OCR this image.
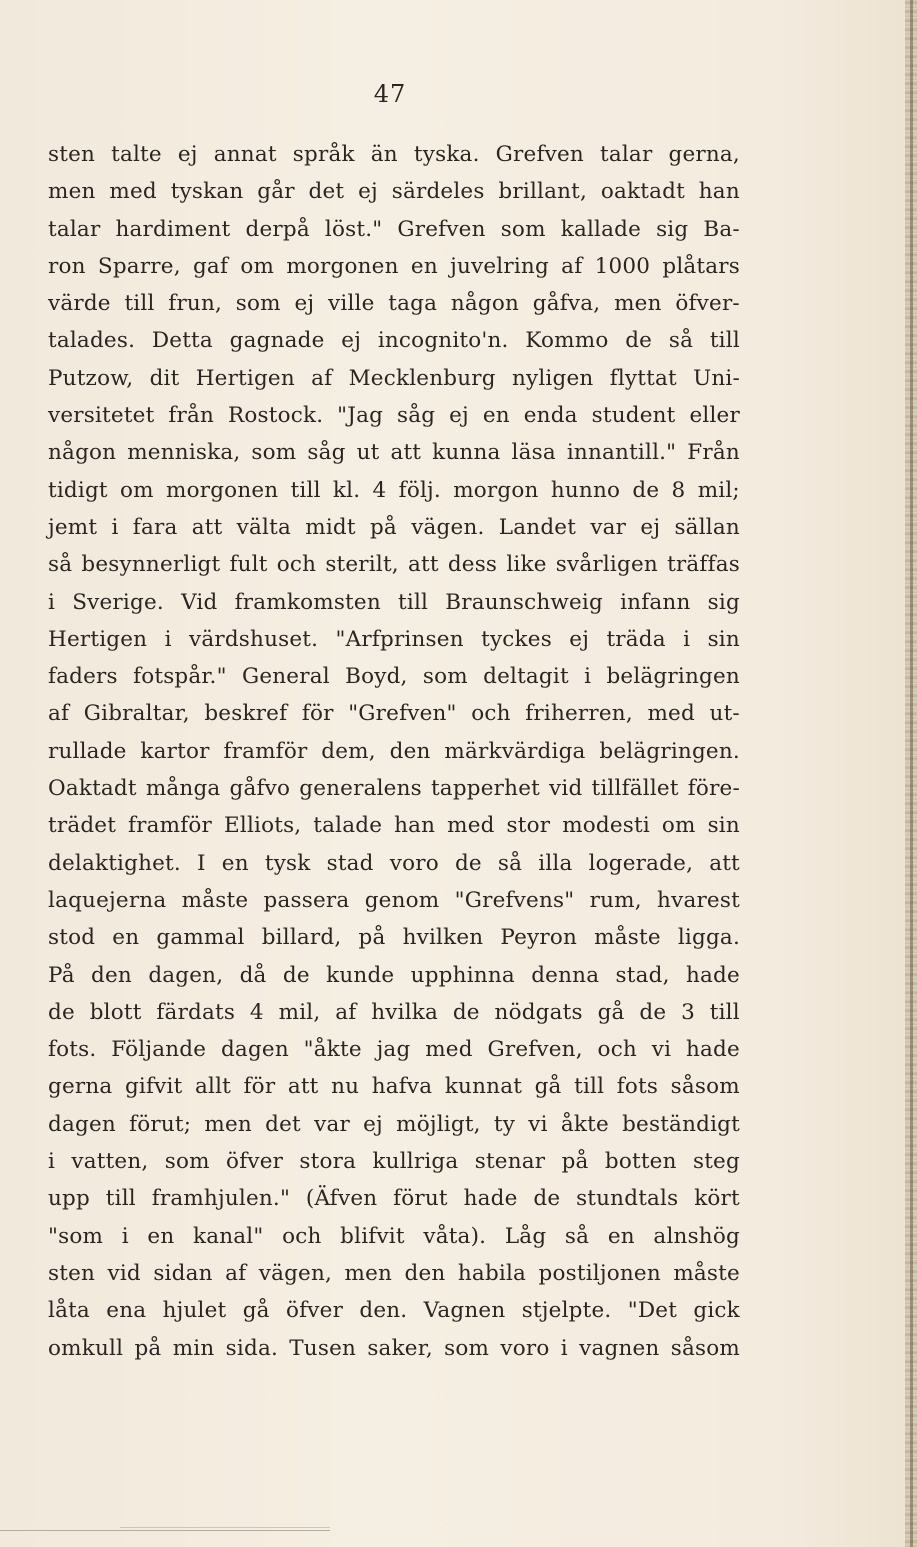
47
sten talte ej annat språk än tyska. Grefven talar gerna,
men med tyskan går det ej särdeles brillant, oaktadt han
talar hardiment derpå löst." Grefven som kallade sig Ba-
ron Sparre, gaf om morgonen en juvelring af 1000 plåtars
värde till frun, som ej ville taga någon gåfva, men öfver-
talades. Detta gagnade ej incognito'n. Kommo de så till
Putzow, dit Hertigen af Mecklenburg nyligen flyttat Uni-
versitetet från Rostock. "Jag såg ej en enda student eller
någon menniska, som såg ut att kunna läsa innantill." Från
tidigt om morgonen till kl. 4 följ. morgon hunno de 8 mil;
jemt i fara att välta midt på vägen. Landet var ej sällan
så besynnerligt fult och sterilt, att dess like svårligen träffas
i Sverige. Vid framkomsten till Braunschweig infann sig
Hertigen i värdshuset. "Arfprinsen tyckes ej träda i sin
faders fotspår." General Boyd, som deltagit i belägringen
af Gibraltar, beskref för "Grefven" och friherren, med ut-
rullade kartor framför dem, den märkvärdiga belägringen.
Oaktadt många gåfvo generalens tapperhet vid tillfället före-
trädet framför Elliots, talade han med stor modesti om sin
delaktighet. I en tysk stad voro de så illa logerade, att
laquejerna måste passera genom "Grefvens" rum, hvarest
stod en gammal billard, på hvilken Peyron måste ligga.
På den dagen, då de kunde upphinna denna stad, hade
de blott färdats 4 mil, af hvilka de nödgats gå de 3 till
fots. Följande dagen "åkte jag med Grefven, och vi hade
gerna gifvit allt för att nu hafva kunnat gå till fots såsom
dagen förut; men det var ej möjligt, ty vi åkte beständigt
i vatten, som öfver stora kullriga stenar på botten steg
upp till framhjulen." (Äfven förut hade de stundtals kört
"som i en kanal" och blifvit våta). Låg så en alnshög
sten vid sidan af vägen, men den habila postiljonen måste
låta ena hjulet gå öfver den. Vagnen stjelpte. "Det gick
omkull på min sida. Tusen saker, som voro i vagnen såsom
